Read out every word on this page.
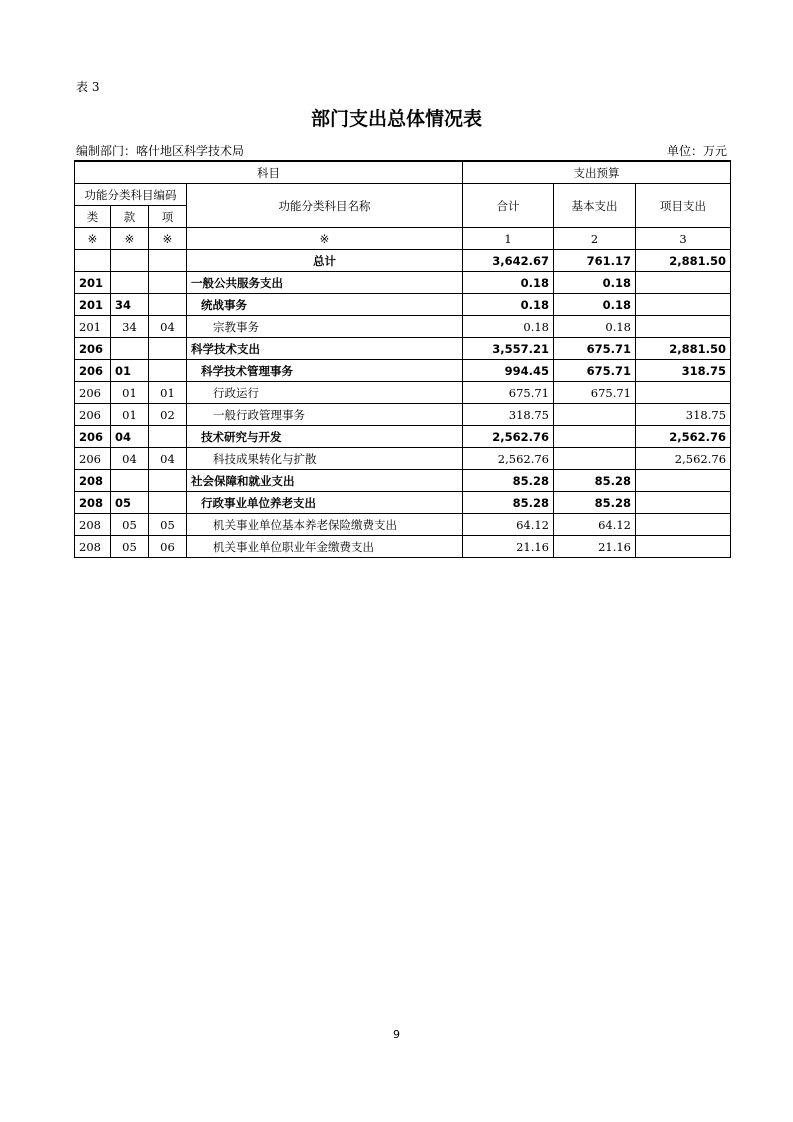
表 3
部门支出总体情况表
编制部门：喀什地区科学技术局	单位：万元
科目				支出预算		
功能分类科目编码			功能分类科目名称	合计	基本支出	项目支出
类	款	项				
※	※	※	※	1	2	3
			总计	3,642.67	761.17	2,881.50
201			一般公共服务支出	0.18	0.18	
201	34		统战事务	0.18	0.18	
201	34	04	宗教事务	0.18	0.18	
206			科学技术支出	3,557.21	675.71	2,881.50
206	01		科学技术管理事务	994.45	675.71	318.75
206	01	01	行政运行	675.71	675.71	
206	01	02	一般行政管理事务	318.75		318.75
206	04		技术研究与开发	2,562.76		2,562.76
206	04	04	科技成果转化与扩散	2,562.76		2,562.76
208			社会保障和就业支出	85.28	85.28	
208	05		行政事业单位养老支出	85.28	85.28	
208	05	05	机关事业单位基本养老保险缴费支出	64.12	64.12	
208	05	06	机关事业单位职业年金缴费支出	21.16	21.16	
9
